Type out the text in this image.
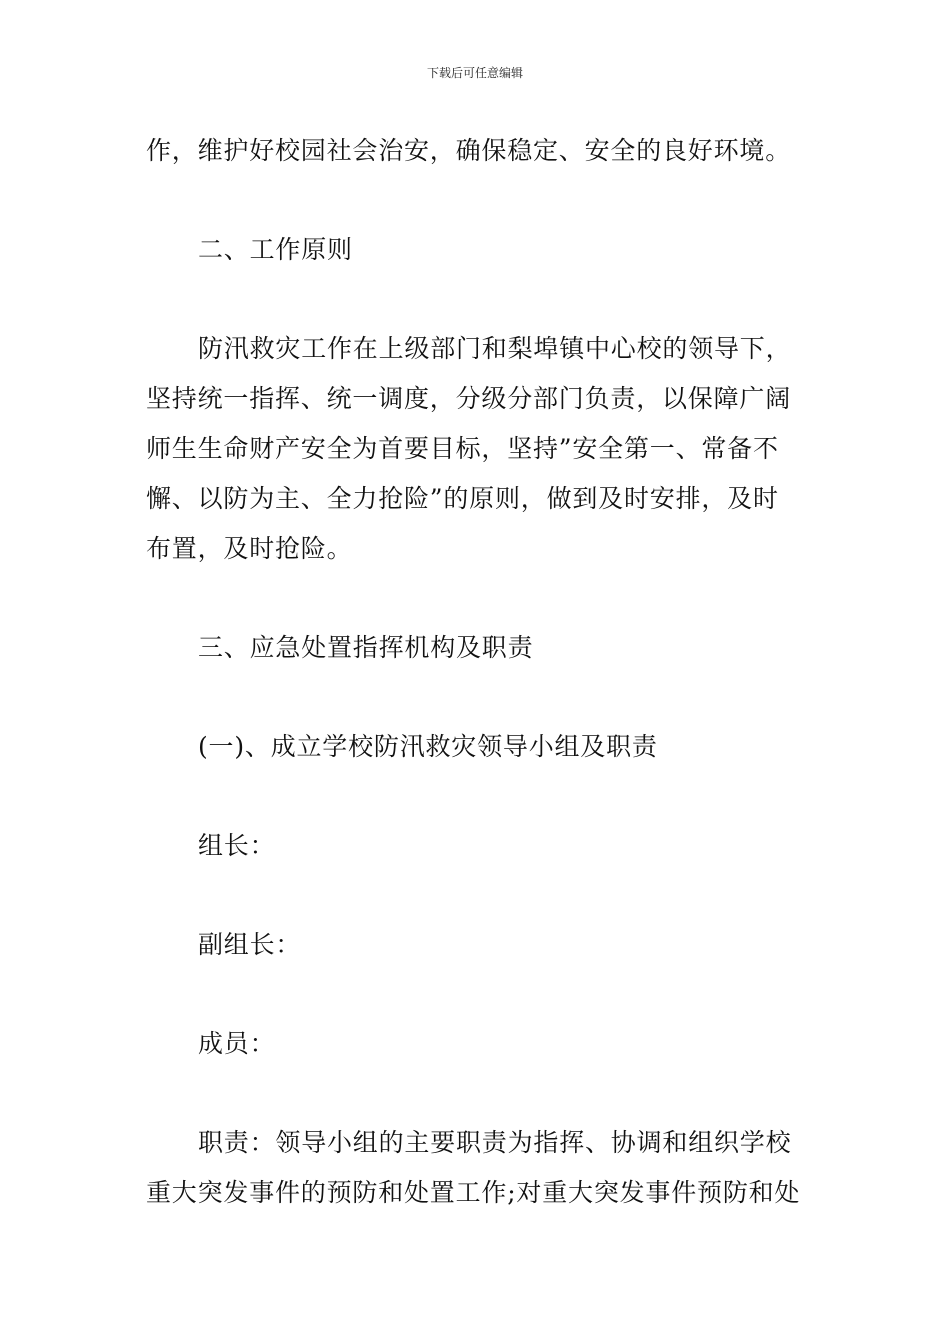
下载后可任意编辑
作，维护好校园社会治安，确保稳定、安全的良好环境。
二、工作原则
防汛救灾工作在上级部门和梨埠镇中心校的领导下，
坚持统一指挥、统一调度，分级分部门负责，以保障广阔
师生生命财产安全为首要目标，坚持”安全第一、常备不
懈、以防为主、全力抢险”的原则，做到及时安排，及时
布置，及时抢险。
三、应急处置指挥机构及职责
(一)、成立学校防汛救灾领导小组及职责
组长：
副组长：
成员：
职责：领导小组的主要职责为指挥、协调和组织学校
重大突发事件的预防和处置工作;对重大突发事件预防和处
